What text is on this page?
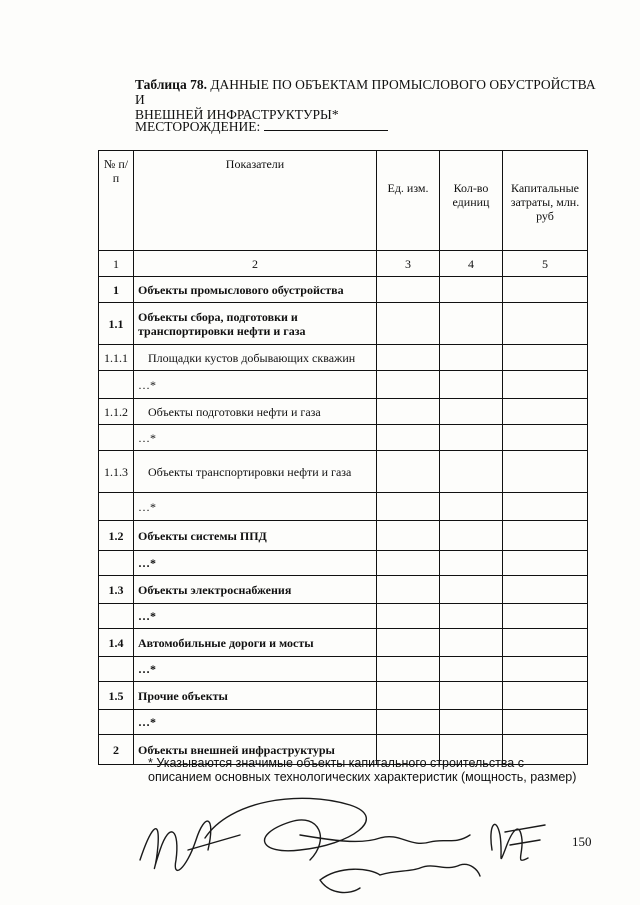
Таблица 78. ДАННЫЕ ПО ОБЪЕКТАМ ПРОМЫСЛОВОГО ОБУСТРОЙСТВА И
ВНЕШНЕЙ ИНФРАСТРУКТУРЫ*
МЕСТОРОЖДЕНИЕ:
№ п/п	Показатели	Ед. изм.	Кол-во единиц	Капитальные затраты, млн. руб
1	2	3	4	5
1	Объекты промыслового обустройства			
1.1	Объекты сбора, подготовки и транспортировки нефти и газа			
1.1.1	Площадки кустов добывающих скважин			
	…*			
1.1.2	Объекты подготовки нефти и газа			
	…*			
1.1.3	Объекты транспортировки нефти и газа			
	…*			
1.2	Объекты системы ППД			
	…*			
1.3	Объекты электроснабжения			
	…*			
1.4	Автомобильные дороги и мосты			
	…*			
1.5	Прочие объекты			
	…*			
2	Объекты внешней инфраструктуры			
* Указываются значимые объекты капитального строительства с описанием основных технологических характеристик (мощность, размер)
150
